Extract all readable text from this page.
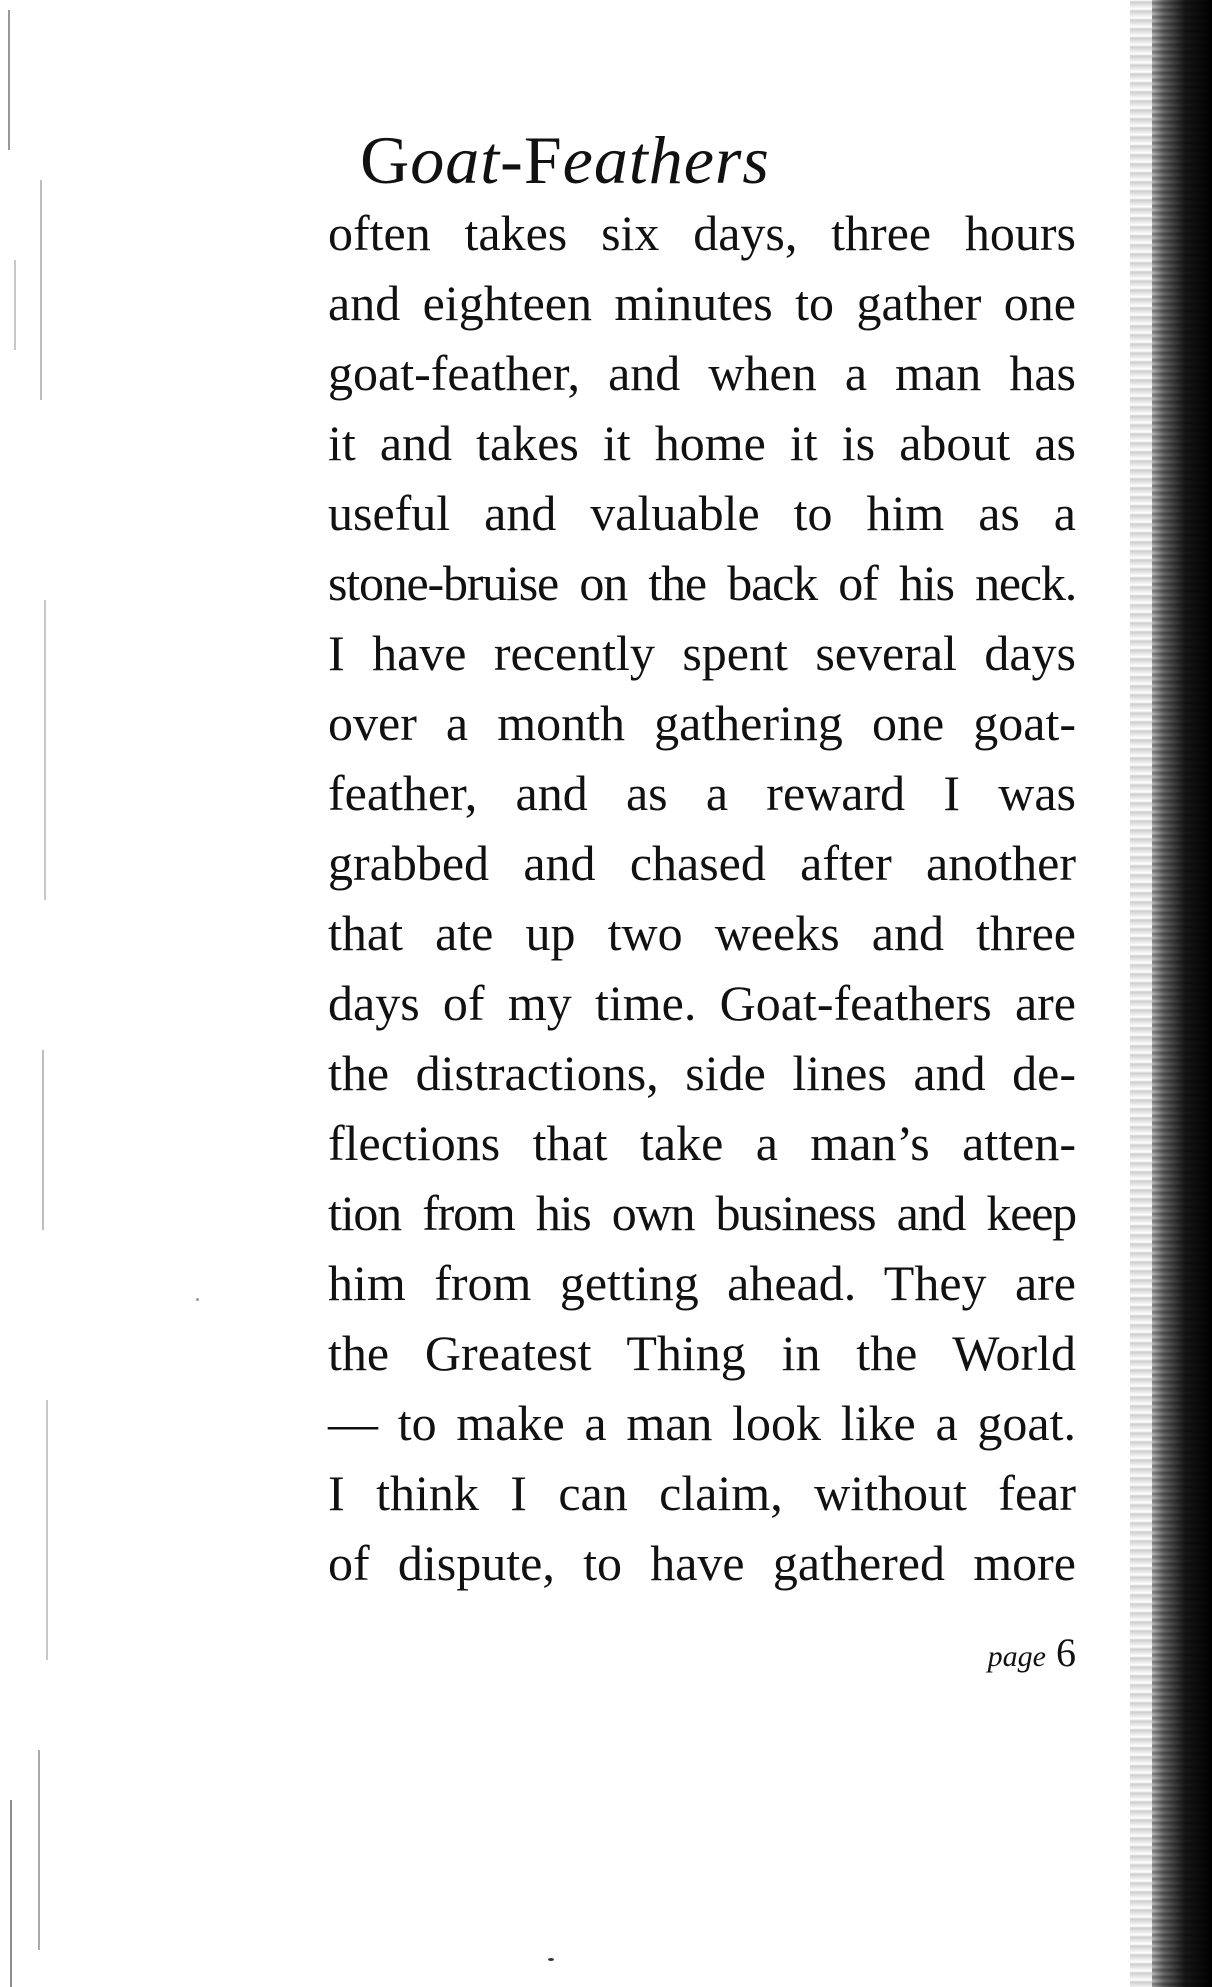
Goat-Feathers
often takes six days, three hours
and eighteen minutes to gather one
goat-feather, and when a man has
it and takes it home it is about as
useful and valuable to him as a
stone-bruise on the back of his neck.
I have recently spent several days
over a month gathering one goat-
feather, and as a reward I was
grabbed and chased after another
that ate up two weeks and three
days of my time. Goat-feathers are
the distractions, side lines and de-
flections that take a man’s atten-
tion from his own business and keep
him from getting ahead. They are
the Greatest Thing in the World
— to make a man look like a goat.
I think I can claim, without fear
of dispute, to have gathered more
page 6
